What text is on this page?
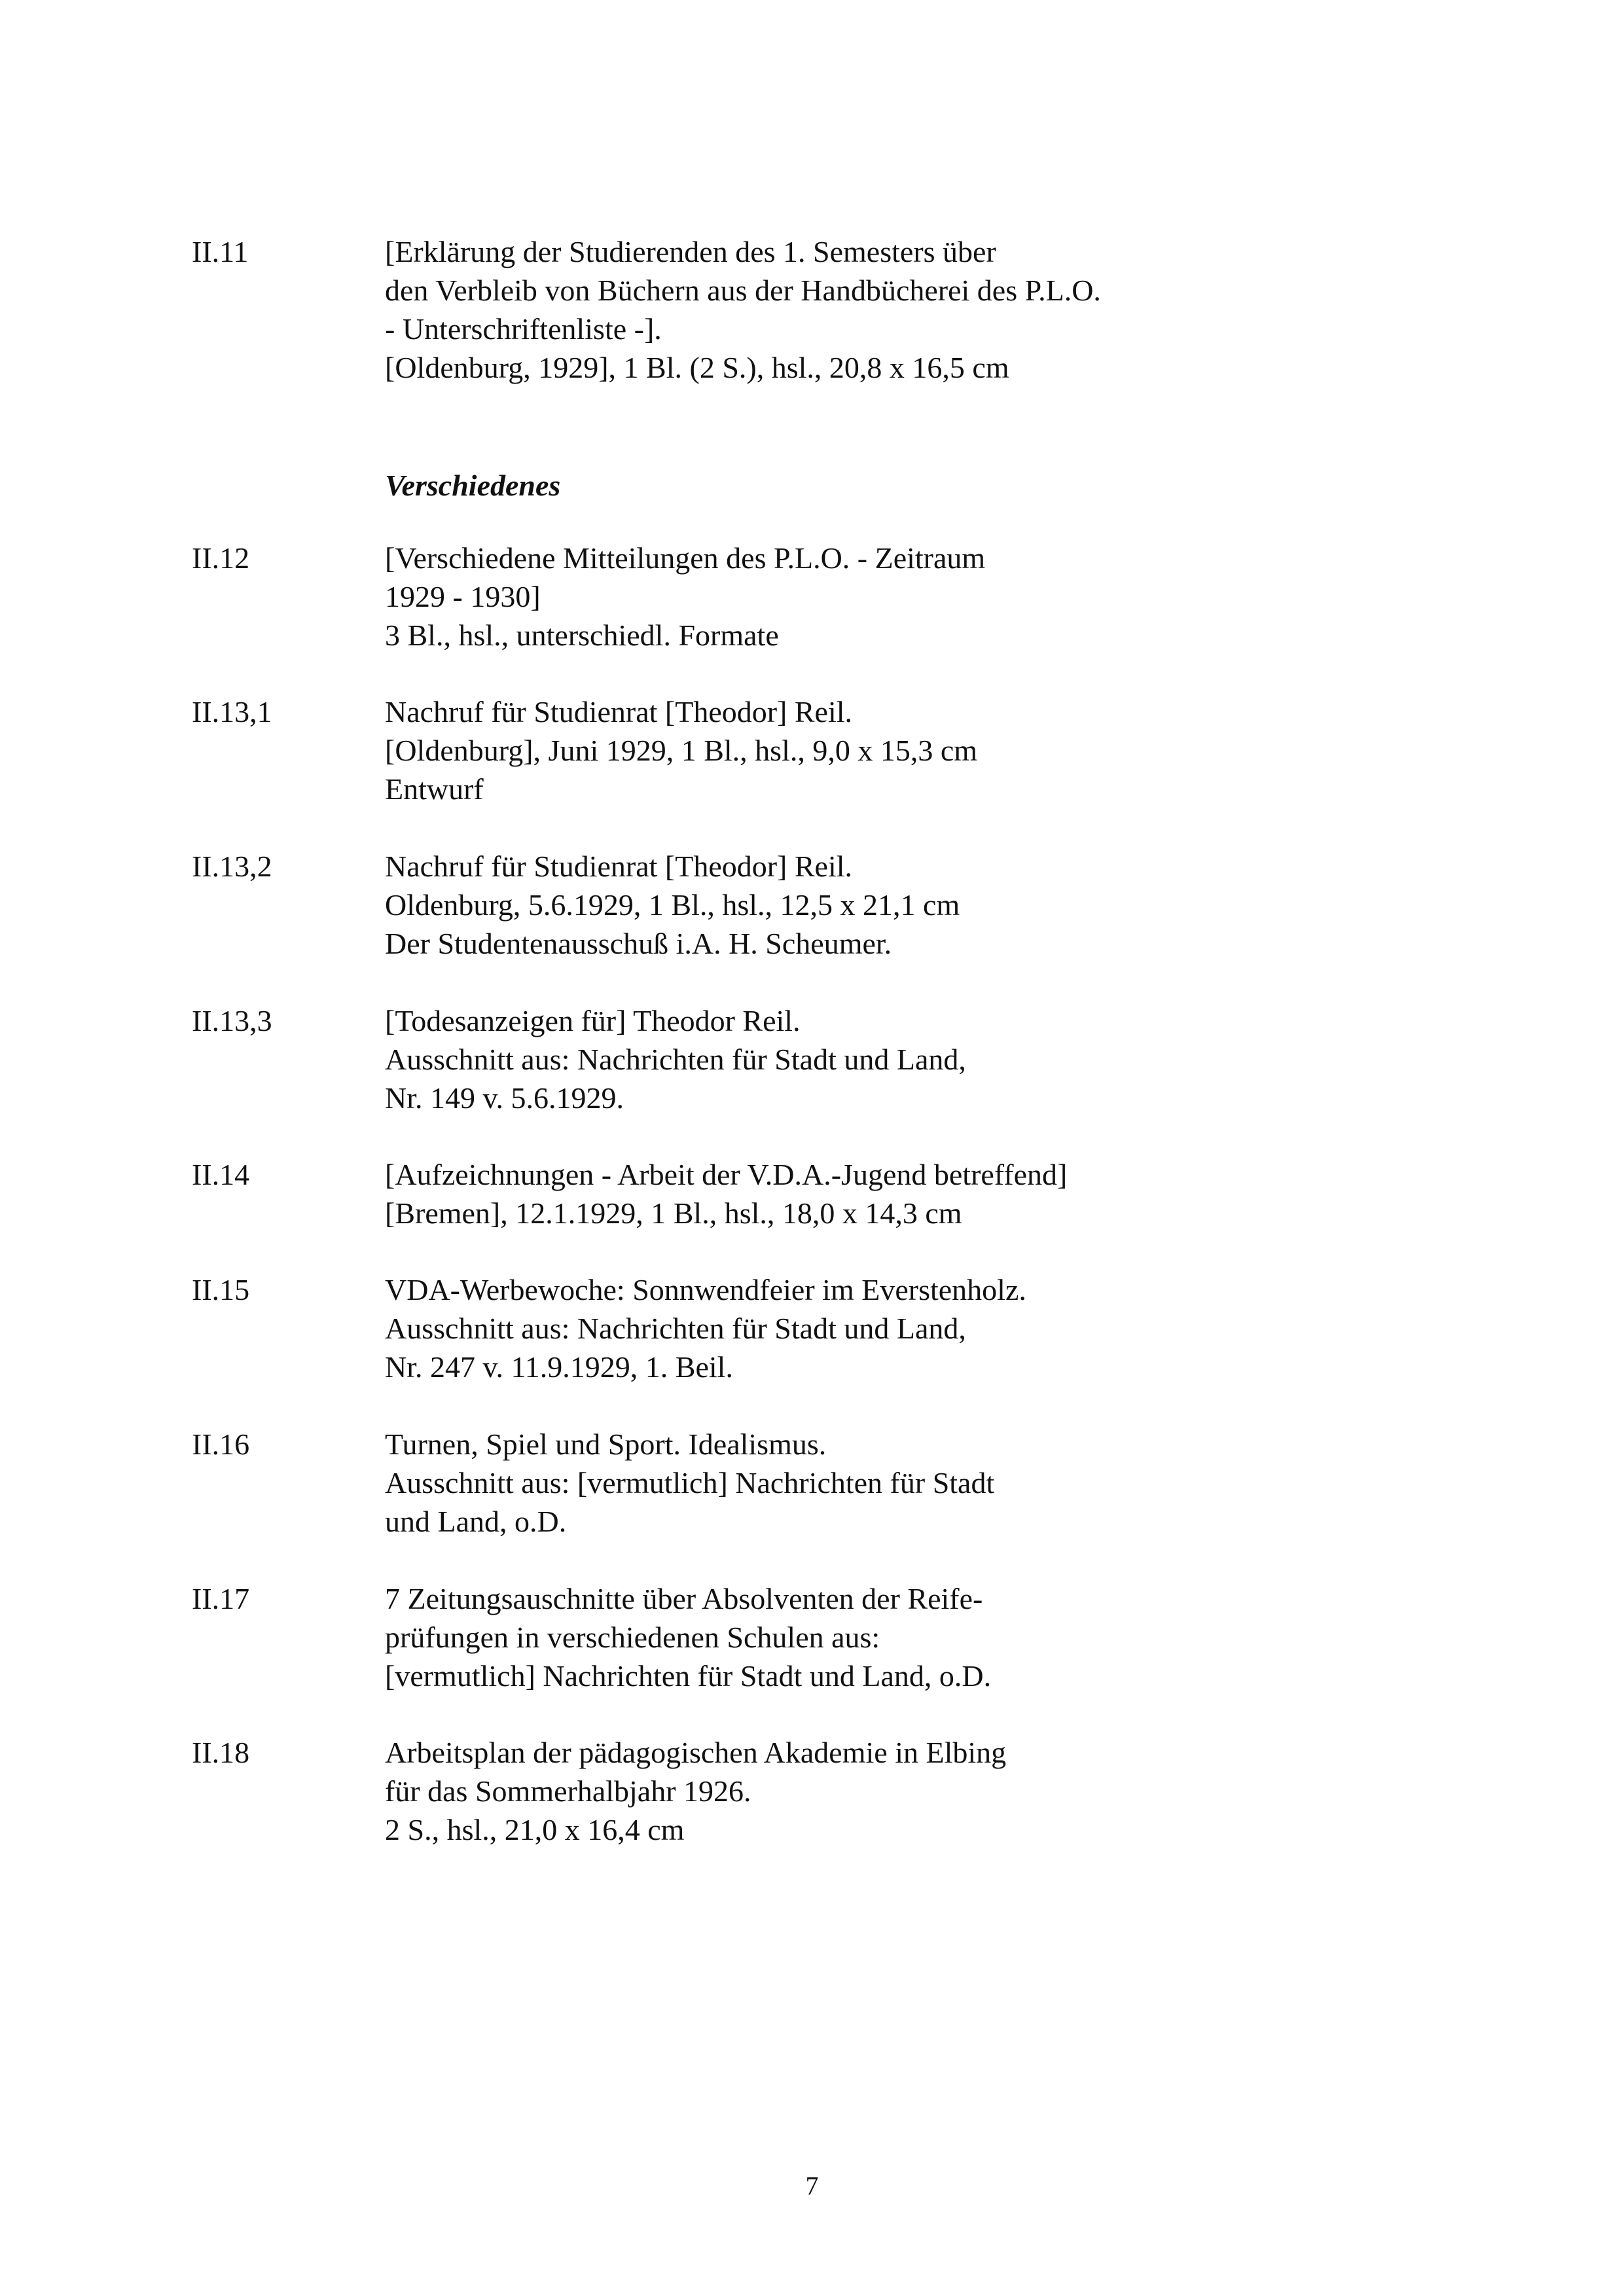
II.11	[Erklärung der Studierenden des 1. Semesters über
den Verbleib von Büchern aus der Handbücherei des P.L.O.
- Unterschriftenliste -].
[Oldenburg, 1929], 1 Bl. (2 S.), hsl., 20,8 x 16,5 cm
Verschiedenes
II.12	[Verschiedene Mitteilungen des P.L.O. - Zeitraum
1929 - 1930]
3 Bl., hsl., unterschiedl. Formate
II.13,1	Nachruf für Studienrat [Theodor] Reil.
[Oldenburg], Juni 1929, 1 Bl., hsl., 9,0 x 15,3 cm
Entwurf
II.13,2	Nachruf für Studienrat [Theodor] Reil.
Oldenburg, 5.6.1929, 1 Bl., hsl., 12,5 x 21,1 cm
Der Studentenausschuß i.A. H. Scheumer.
II.13,3	[Todesanzeigen für] Theodor Reil.
Ausschnitt aus: Nachrichten für Stadt und Land,
Nr. 149 v. 5.6.1929.
II.14	[Aufzeichnungen - Arbeit der V.D.A.-Jugend betreffend]
[Bremen], 12.1.1929, 1 Bl., hsl., 18,0 x 14,3 cm
II.15	VDA-Werbewoche: Sonnwendfeier im Everstenholz.
Ausschnitt aus: Nachrichten für Stadt und Land,
Nr. 247 v. 11.9.1929, 1. Beil.
II.16	Turnen, Spiel und Sport. Idealismus.
Ausschnitt aus: [vermutlich] Nachrichten für Stadt
und Land, o.D.
II.17	7 Zeitungsauschnitte über Absolventen der Reife-
prüfungen in verschiedenen Schulen aus:
[vermutlich] Nachrichten für Stadt und Land, o.D.
II.18	Arbeitsplan der pädagogischen Akademie in Elbing
für das Sommerhalbjahr 1926.
2 S., hsl., 21,0 x 16,4 cm
7
